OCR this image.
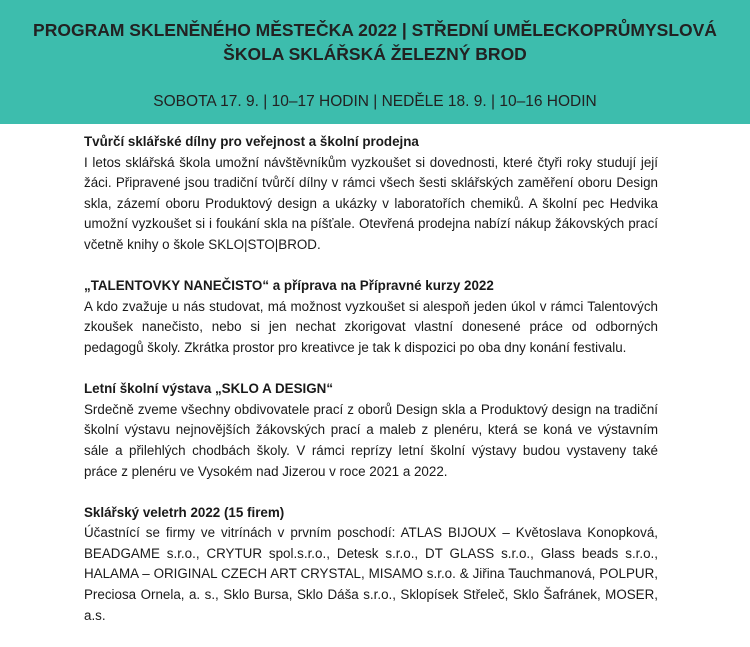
PROGRAM SKLENĚNÉHO MĚSTEČKA 2022 | STŘEDNÍ UMĚLECKOPRŮMYSLOVÁ ŠKOLA SKLÁŘSKÁ ŽELEZNÝ BROD
SOBOTA 17. 9. | 10–17 HODIN | NEDĚLE 18. 9. | 10–16 HODIN
Tvůrčí sklářské dílny pro veřejnost a školní prodejna

I letos sklářská škola umožní návštěvníkům vyzkoušet si dovednosti, které čtyři roky studují její žáci. Připravené jsou tradiční tvůrčí dílny v rámci všech šesti sklářských zaměření oboru Design skla, zázemí oboru Produktový design a ukázky v laboratořích chemiků. A školní pec Hedvika umožní vyzkoušet si i foukání skla na píšťale. Otevřená prodejna nabízí nákup žákovských prací včetně knihy o škole SKLO|STO|BROD.

„TALENTOVKY NANEČISTO“ a příprava na Přípravné kurzy 2022

A kdo zvažuje u nás studovat, má možnost vyzkoušet si alespoň jeden úkol v rámci Talentových zkoušek nanečisto, nebo si jen nechat zkorigovat vlastní donesené práce od odborných pedagogů školy. Zkrátka prostor pro kreativce je tak k dispozici po oba dny konání festivalu.

Letní školní výstava „SKLO A DESIGN“

Srdečně zveme všechny obdivovatele prací z oborů Design skla a Produktový design na tradiční školní výstavu nejnovějších žákovských prací a maleb z plenéru, která se koná ve výstavním sále a přilehlých chodbách školy. V rámci reprízy letní školní výstavy budou vystaveny také práce z plenéru ve Vysokém nad Jizerou v roce 2021 a 2022.

Sklářský veletrh 2022 (15 firem)

Účastnící se firmy ve vitrínách v prvním poschodí: ATLAS BIJOUX – Květoslava Konopková, BEADGAME s.r.o., CRYTUR spol.s.r.o., Detesk s.r.o., DT GLASS s.r.o., Glass beads s.r.o., HALAMA – ORIGINAL CZECH ART CRYSTAL, MISAMO s.r.o. & Jiřina Tauchmanová, POLPUR, Preciosa Ornela, a. s., Sklo Bursa, Sklo Dáša s.r.o., Sklopísek Střeleč, Sklo Šafránek, MOSER, a.s.
